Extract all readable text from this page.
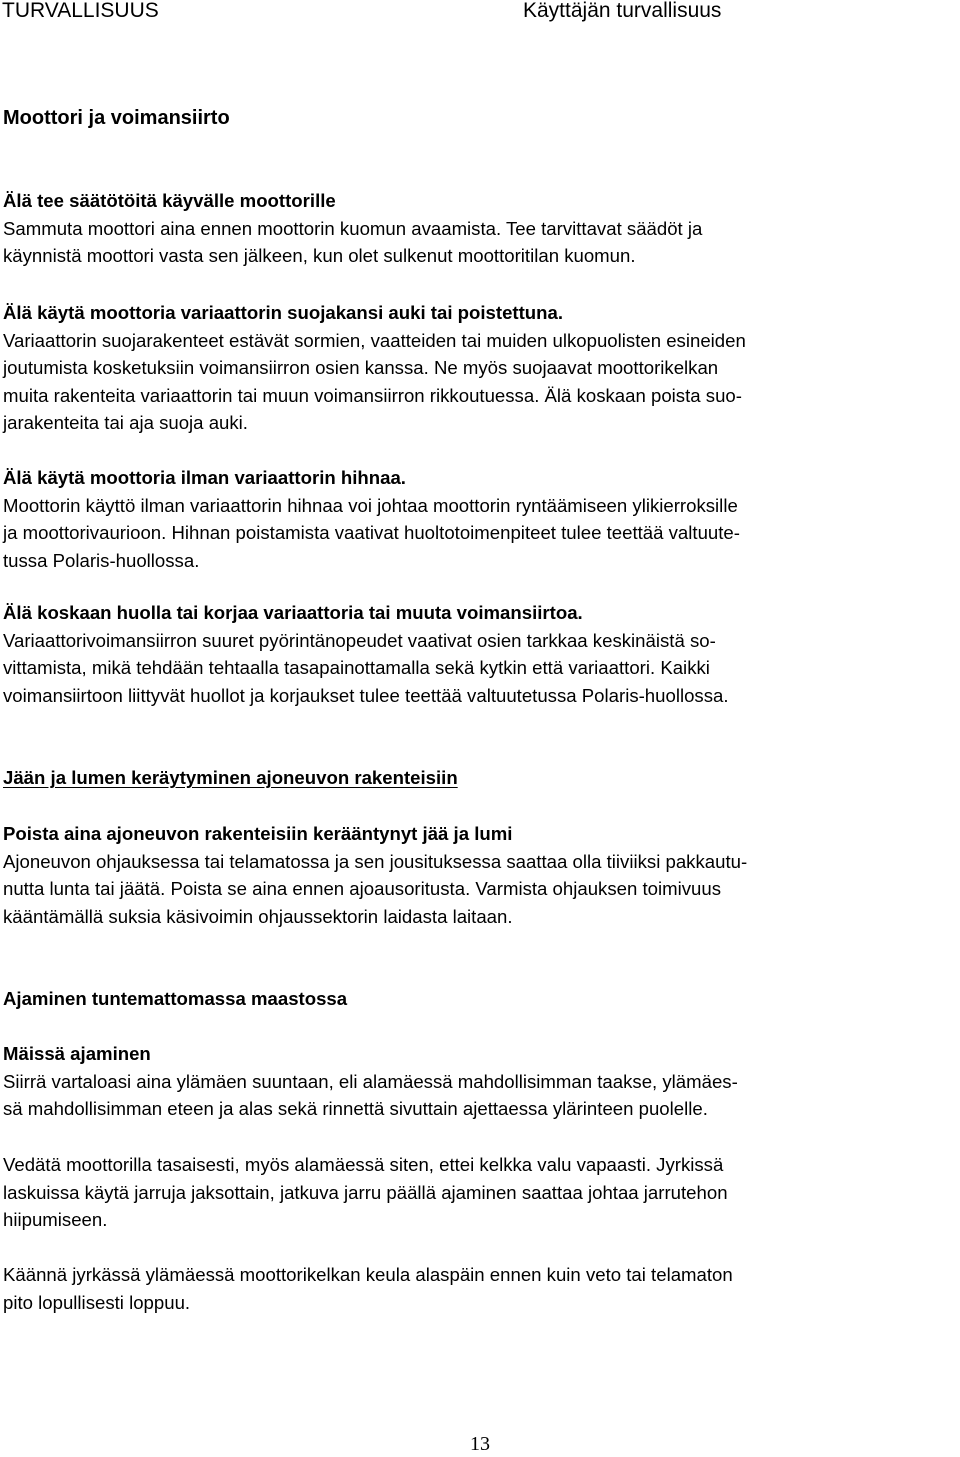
TURVALLISUUS	Käyttäjän turvallisuus
Moottori ja voimansiirto

Älä tee säätötöitä käyvälle moottorille

Sammuta moottori aina ennen moottorin kuomun avaamista. Tee tarvittavat säädöt ja

käynnistä moottori vasta sen jälkeen, kun olet sulkenut moottoritilan kuomun.

Älä käytä moottoria variaattorin suojakansi auki tai poistettuna.

Variaattorin suojarakenteet estävät sormien, vaatteiden tai muiden ulkopuolisten esineiden

joutumista kosketuksiin voimansiirron osien kanssa. Ne myös suojaavat moottorikelkan

muita rakenteita variaattorin tai muun voimansiirron rikkoutuessa. Älä koskaan poista suo-

jarakenteita tai aja suoja auki.

Älä käytä moottoria ilman variaattorin hihnaa.

Moottorin käyttö ilman variaattorin hihnaa voi johtaa moottorin ryntäämiseen ylikierroksille

ja moottorivaurioon. Hihnan poistamista vaativat huoltotoimenpiteet tulee teettää valtuute-

tussa Polaris-huollossa.

Älä koskaan huolla tai korjaa variaattoria tai muuta voimansiirtoa.

Variaattorivoimansiirron suuret pyörintänopeudet vaativat osien tarkkaa keskinäistä so-

vittamista, mikä tehdään tehtaalla tasapainottamalla sekä kytkin että variaattori. Kaikki

voimansiirtoon liittyvät huollot ja korjaukset tulee teettää valtuutetussa Polaris-huollossa.

Jään ja lumen keräytyminen ajoneuvon rakenteisiin

Poista aina ajoneuvon rakenteisiin kerääntynyt jää ja lumi

Ajoneuvon ohjauksessa tai telamatossa ja sen jousituksessa saattaa olla tiiviiksi pakkautu-

nutta lunta tai jäätä. Poista se aina ennen ajoausoritusta. Varmista ohjauksen toimivuus

kääntämällä suksia käsivoimin ohjaussektorin laidasta laitaan.

Ajaminen tuntemattomassa maastossa

Mäissä ajaminen

Siirrä vartaloasi aina ylämäen suuntaan, eli alamäessä mahdollisimman taakse, ylämäes-

sä mahdollisimman eteen ja alas sekä rinnettä sivuttain ajettaessa ylärinteen puolelle.

Vedätä moottorilla tasaisesti, myös alamäessä siten, ettei kelkka valu vapaasti. Jyrkissä

laskuissa käytä jarruja jaksottain, jatkuva jarru päällä ajaminen saattaa johtaa jarrutehon

hiipumiseen.

Käännä jyrkässä ylämäessä moottorikelkan keula alaspäin ennen kuin veto tai telamaton

pito lopullisesti loppuu.

13
